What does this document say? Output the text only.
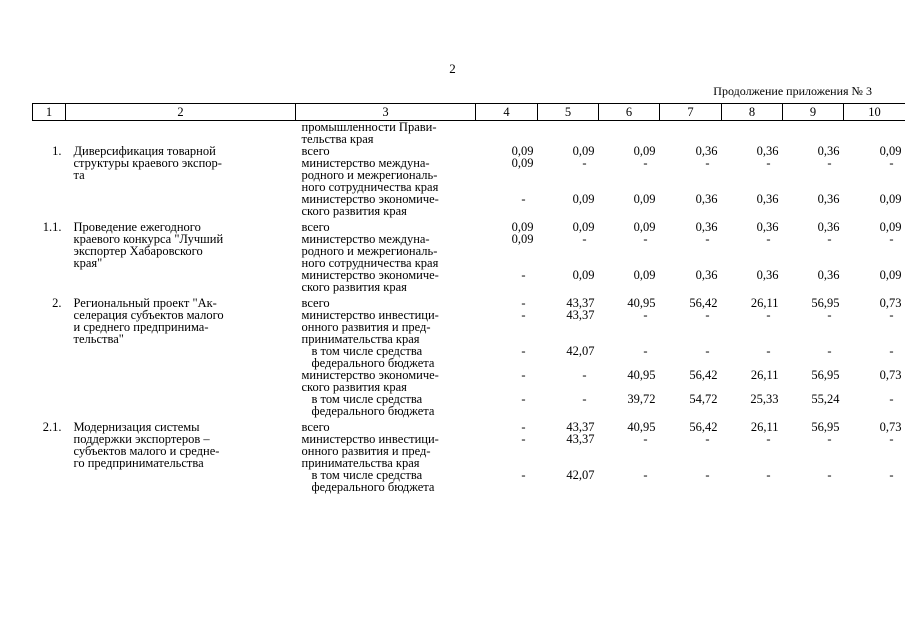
2
Продолжение приложения № 3
1	2	3	4	5	6	7	8	9	10
		промышленности Прави-
тельства края							
1.	Диверсификация товарной
структуры краевого экспор-
та	всего	0,09	0,09	0,09	0,36	0,36	0,36	0,09
		министерство междуна-
родного и межрегиональ-
ного сотрудничества края	0,09	-	-	-	-	-	-
		министерство экономиче-
ского развития края	-	0,09	0,09	0,36	0,36	0,36	0,09

1.1.	Проведение ежегодного
краевого конкурса "Лучший
экспортер Хабаровского
края"	всего	0,09	0,09	0,09	0,36	0,36	0,36	0,09
		министерство междуна-
родного и межрегиональ-
ного сотрудничества края	0,09	-	-	-	-	-	-
		министерство экономиче-
ского развития края	-	0,09	0,09	0,36	0,36	0,36	0,09

2.	Региональный проект "Ак-
селерация субъектов малого
и среднего предпринима-
тельства"	всего	-	43,37	40,95	56,42	26,11	56,95	0,73
		министерство инвестици-
онного развития и пред-
принимательства края	-	43,37	-	-	-	-	-
		в том числе средства
федерального бюджета	-	42,07	-	-	-	-	-
		министерство экономиче-
ского развития края	-	-	40,95	56,42	26,11	56,95	0,73
		в том числе средства
федерального бюджета	-	-	39,72	54,72	25,33	55,24	-

2.1.	Модернизация системы
поддержки экспортеров –
субъектов малого и средне-
го предпринимательства	всего	-	43,37	40,95	56,42	26,11	56,95	0,73
		министерство инвестици-
онного развития и пред-
принимательства края	-	43,37	-	-	-	-	-
		в том числе средства
федерального бюджета	-	42,07	-	-	-	-	-
